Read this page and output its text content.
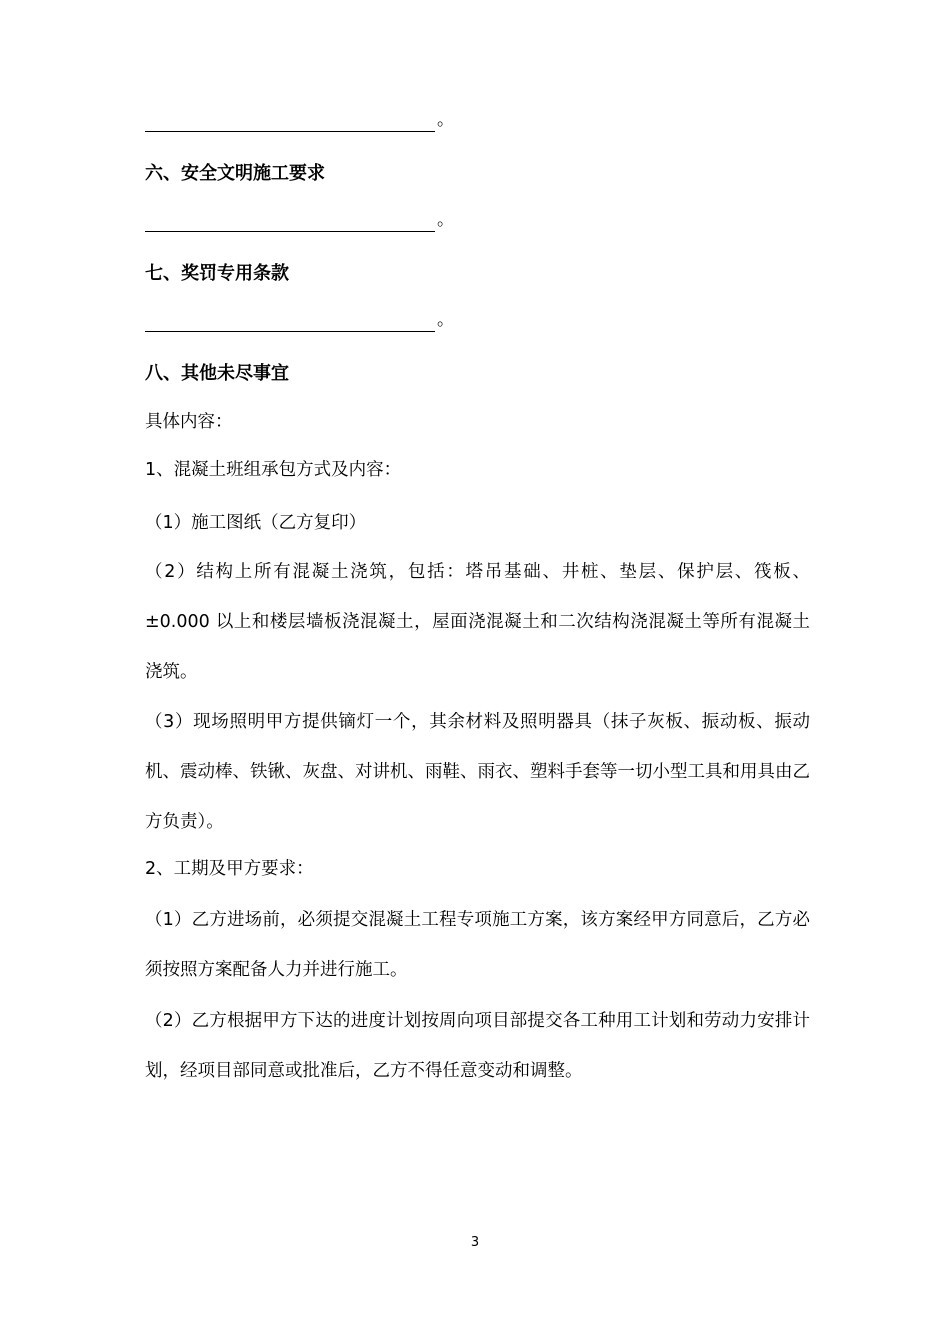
。
六、安全文明施工要求
。
七、奖罚专用条款
。
八、其他未尽事宜
具体内容：
1、混凝土班组承包方式及内容：
（1）施工图纸（乙方复印）
（2）结构上所有混凝土浇筑，包括：塔吊基础、井桩、垫层、保护层、筏板、±0.000 以上和楼层墙板浇混凝土，屋面浇混凝土和二次结构浇混凝土等所有混凝土浇筑。
（3）现场照明甲方提供镝灯一个，其余材料及照明器具（抹子灰板、振动板、振动机、震动棒、铁锹、灰盘、对讲机、雨鞋、雨衣、塑料手套等一切小型工具和用具由乙方负责）。
2、工期及甲方要求：
（1）乙方进场前，必须提交混凝土工程专项施工方案，该方案经甲方同意后，乙方必须按照方案配备人力并进行施工。
（2）乙方根据甲方下达的进度计划按周向项目部提交各工种用工计划和劳动力安排计划，经项目部同意或批准后，乙方不得任意变动和调整。
3
